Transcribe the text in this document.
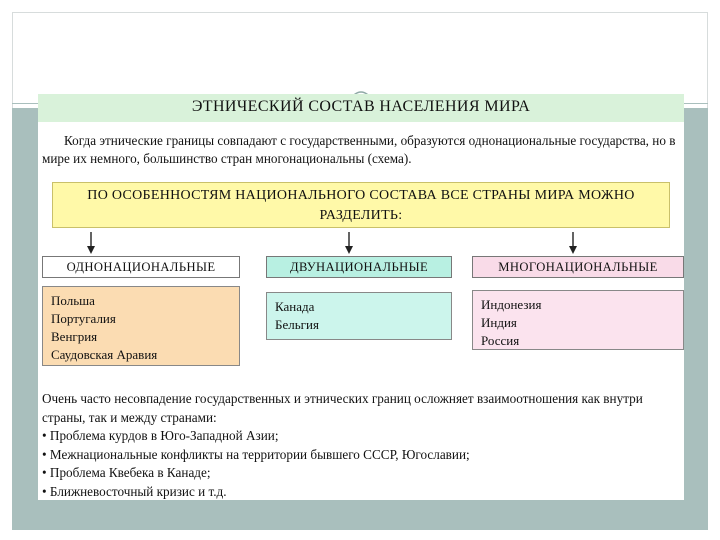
ЭТНИЧЕСКИЙ СОСТАВ НАСЕЛЕНИЯ МИРА

Когда этнические границы совпадают с государственными, образуются однонациональные государства, но в мире их немного, большинство стран многонациональны (схема).

ПО ОСОБЕННОСТЯМ НАЦИОНАЛЬНОГО СОСТАВА ВСЕ СТРАНЫ МИРА МОЖНО РАЗДЕЛИТЬ:
ОДНОНАЦИОНАЛЬНЫЕ	ДВУНАЦИОНАЛЬНЫЕ	МНОГОНАЦИОНАЛЬНЫЕ
Польша
Португалия
Венгрия
Саудовская Аравия
Канада
Бельгия
Индонезия
Индия
Россия

Очень часто несовпадение государственных и этнических границ осложняет взаимоотношения как внутри страны, так и между странами:

• Проблема курдов в Юго-Западной Азии;
• Межнациональные конфликты на территории бывшего СССР, Югославии;
• Проблема Квебека в Канаде;
• Ближневосточный кризис и т.д.
